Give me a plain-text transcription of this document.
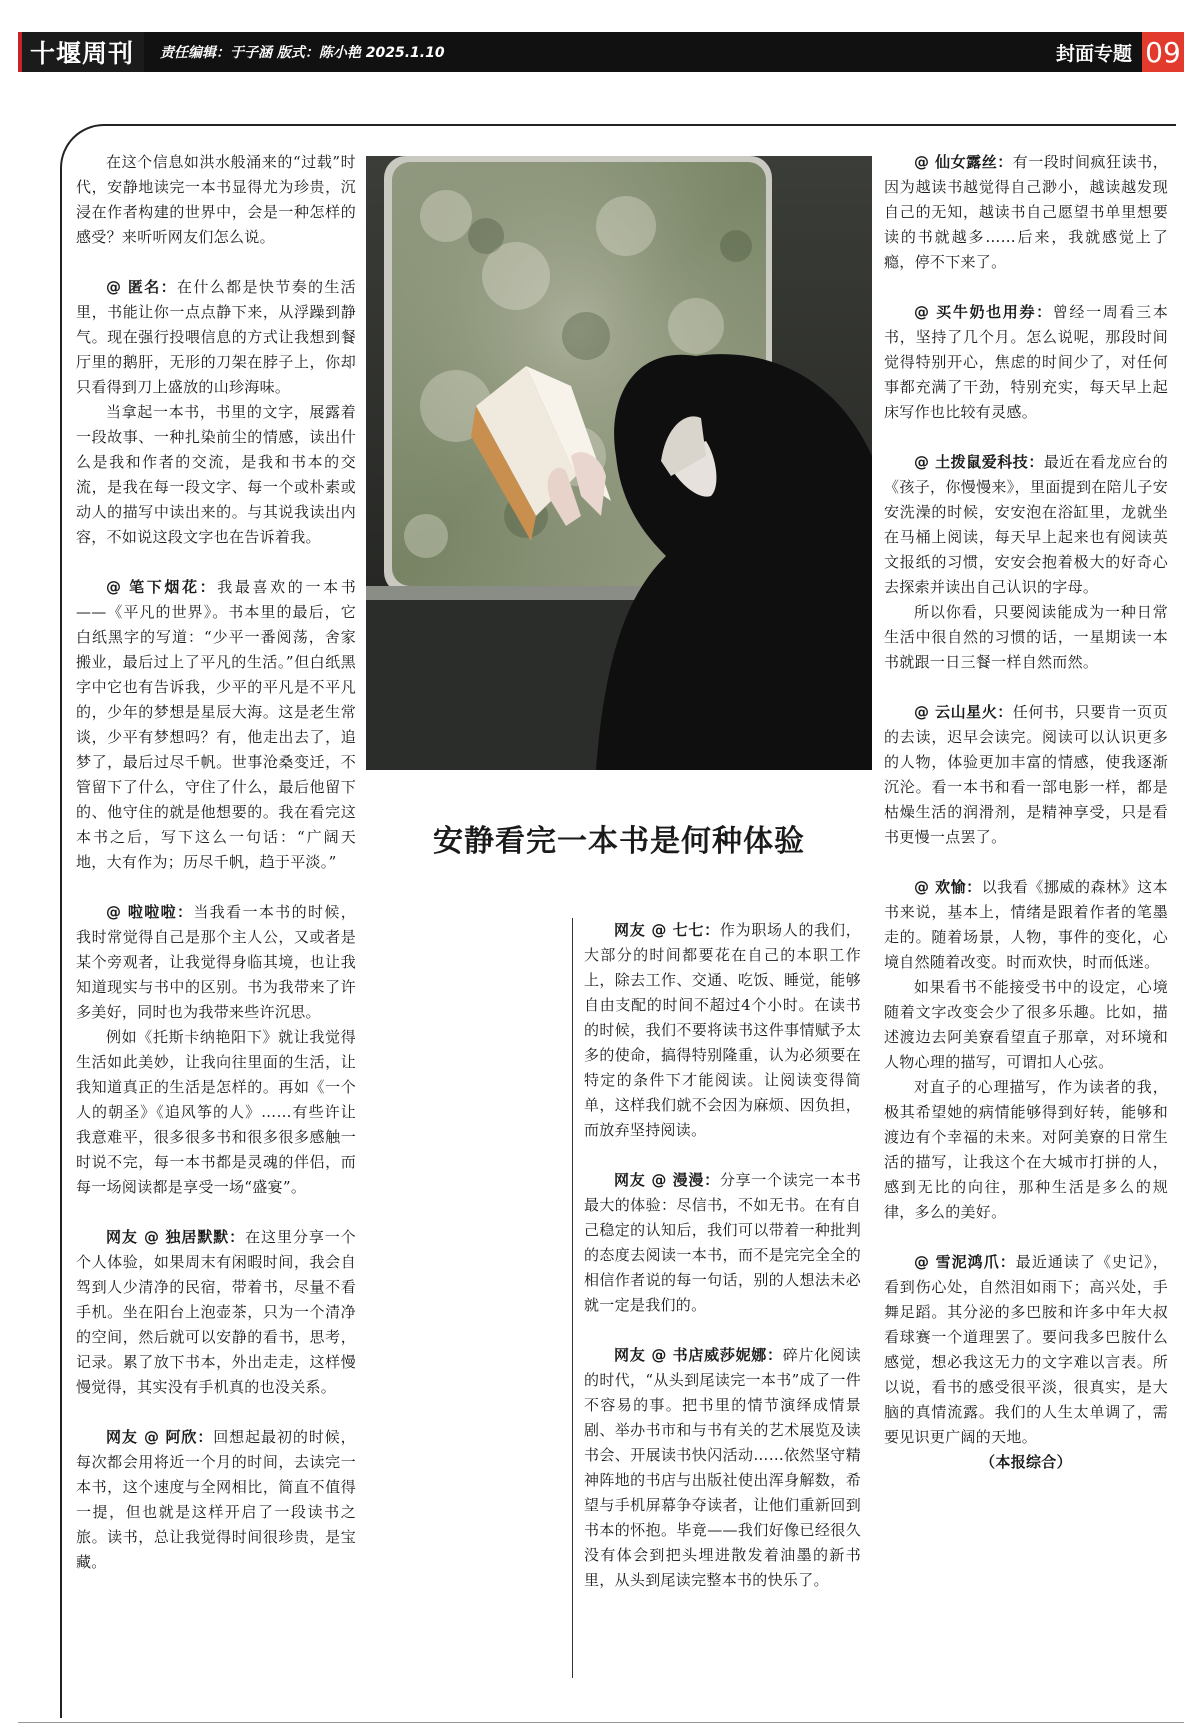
十堰周刊 责任编辑：于子涵 版式：陈小艳 2025.1.10	封面专题 09

在这个信息如洪水般涌来的“过载”时代，安静地读完一本书显得尤为珍贵，沉浸在作者构建的世界中，会是一种怎样的感受？来听听网友们怎么说。

@ 匿名：在什么都是快节奏的生活里，书能让你一点点静下来，从浮躁到静气。现在强行投喂信息的方式让我想到餐厅里的鹅肝，无形的刀架在脖子上，你却只看得到刀上盛放的山珍海味。

当拿起一本书，书里的文字，展露着一段故事、一种扎染前尘的情感，读出什么是我和作者的交流，是我和书本的交流，是我在每一段文字、每一个或朴素或动人的描写中读出来的。与其说我读出内容，不如说这段文字也在告诉着我。

@ 笔下烟花：我最喜欢的一本书——《平凡的世界》。书本里的最后，它白纸黑字的写道：“少平一番阅荡，舍家搬业，最后过上了平凡的生活。”但白纸黑字中它也有告诉我，少平的平凡是不平凡的，少年的梦想是星辰大海。这是老生常谈，少平有梦想吗？有，他走出去了，追梦了，最后过尽千帆。世事沧桑变迁，不管留下了什么，守住了什么，最后他留下的、他守住的就是他想要的。我在看完这本书之后，写下这么一句话：“广阔天地，大有作为；历尽千帆，趋于平淡。”

@ 啦啦啦：当我看一本书的时候，我时常觉得自己是那个主人公，又或者是某个旁观者，让我觉得身临其境，也让我知道现实与书中的区别。书为我带来了许多美好，同时也为我带来些许沉思。

例如《托斯卡纳艳阳下》就让我觉得生活如此美妙，让我向往里面的生活，让我知道真正的生活是怎样的。再如《一个人的朝圣》《追风筝的人》……有些许让我意难平，很多很多书和很多很多感触一时说不完，每一本书都是灵魂的伴侣，而每一场阅读都是享受一场“盛宴”。

网友 @ 独居默默：在这里分享一个个人体验，如果周末有闲暇时间，我会自驾到人少清净的民宿，带着书，尽量不看手机。坐在阳台上泡壶茶，只为一个清净的空间，然后就可以安静的看书，思考，记录。累了放下书本，外出走走，这样慢慢觉得，其实没有手机真的也没关系。

网友 @ 阿欣：回想起最初的时候，每次都会用将近一个月的时间，去读完一本书，这个速度与全网相比，简直不值得一提，但也就是这样开启了一段读书之旅。读书，总让我觉得时间很珍贵，是宝藏。

安静看完一本书是何种体验

网友 @ 七七：作为职场人的我们，大部分的时间都要花在自己的本职工作上，除去工作、交通、吃饭、睡觉，能够自由支配的时间不超过4个小时。在读书的时候，我们不要将读书这件事情赋予太多的使命，搞得特别隆重，认为必须要在特定的条件下才能阅读。让阅读变得简单，这样我们就不会因为麻烦、因负担，而放弃坚持阅读。

网友 @ 漫漫：分享一个读完一本书最大的体验：尽信书，不如无书。在有自己稳定的认知后，我们可以带着一种批判的态度去阅读一本书，而不是完完全全的相信作者说的每一句话，别的人想法未必就一定是我们的。

网友 @ 书店威莎妮娜：碎片化阅读的时代，“从头到尾读完一本书”成了一件不容易的事。把书里的情节演绎成情景剧、举办书市和与书有关的艺术展览及读书会、开展读书快闪活动……依然坚守精神阵地的书店与出版社使出浑身解数，希望与手机屏幕争夺读者，让他们重新回到书本的怀抱。毕竟——我们好像已经很久没有体会到把头埋进散发着油墨的新书里，从头到尾读完整本书的快乐了。

@ 仙女露丝：有一段时间疯狂读书，因为越读书越觉得自己渺小，越读越发现自己的无知，越读书自己愿望书单里想要读的书就越多……后来，我就感觉上了瘾，停不下来了。

@ 买牛奶也用券：曾经一周看三本书，坚持了几个月。怎么说呢，那段时间觉得特别开心，焦虑的时间少了，对任何事都充满了干劲，特别充实，每天早上起床写作也比较有灵感。

@ 土拨鼠爱科技：最近在看龙应台的《孩子，你慢慢来》，里面提到在陪儿子安安洗澡的时候，安安泡在浴缸里，龙就坐在马桶上阅读，每天早上起来也有阅读英文报纸的习惯，安安会抱着极大的好奇心去探索并读出自己认识的字母。

所以你看，只要阅读能成为一种日常生活中很自然的习惯的话，一星期读一本书就跟一日三餐一样自然而然。

@ 云山星火：任何书，只要肯一页页的去读，迟早会读完。阅读可以认识更多的人物，体验更加丰富的情感，使我逐渐沉沦。看一本书和看一部电影一样，都是枯燥生活的润滑剂，是精神享受，只是看书更慢一点罢了。

@ 欢愉：以我看《挪威的森林》这本书来说，基本上，情绪是跟着作者的笔墨走的。随着场景，人物，事件的变化，心境自然随着改变。时而欢快，时而低迷。

如果看书不能接受书中的设定，心境随着文字改变会少了很多乐趣。比如，描述渡边去阿美寮看望直子那章，对环境和人物心理的描写，可谓扣人心弦。

对直子的心理描写，作为读者的我，极其希望她的病情能够得到好转，能够和渡边有个幸福的未来。对阿美寮的日常生活的描写，让我这个在大城市打拼的人，感到无比的向往，那种生活是多么的规律，多么的美好。

@ 雪泥鸿爪：最近通读了《史记》，看到伤心处，自然泪如雨下；高兴处，手舞足蹈。其分泌的多巴胺和许多中年大叔看球赛一个道理罢了。要问我多巴胺什么感觉，想必我这无力的文字难以言表。所以说，看书的感受很平淡，很真实，是大脑的真情流露。我们的人生太单调了，需要见识更广阔的天地。

（本报综合）
